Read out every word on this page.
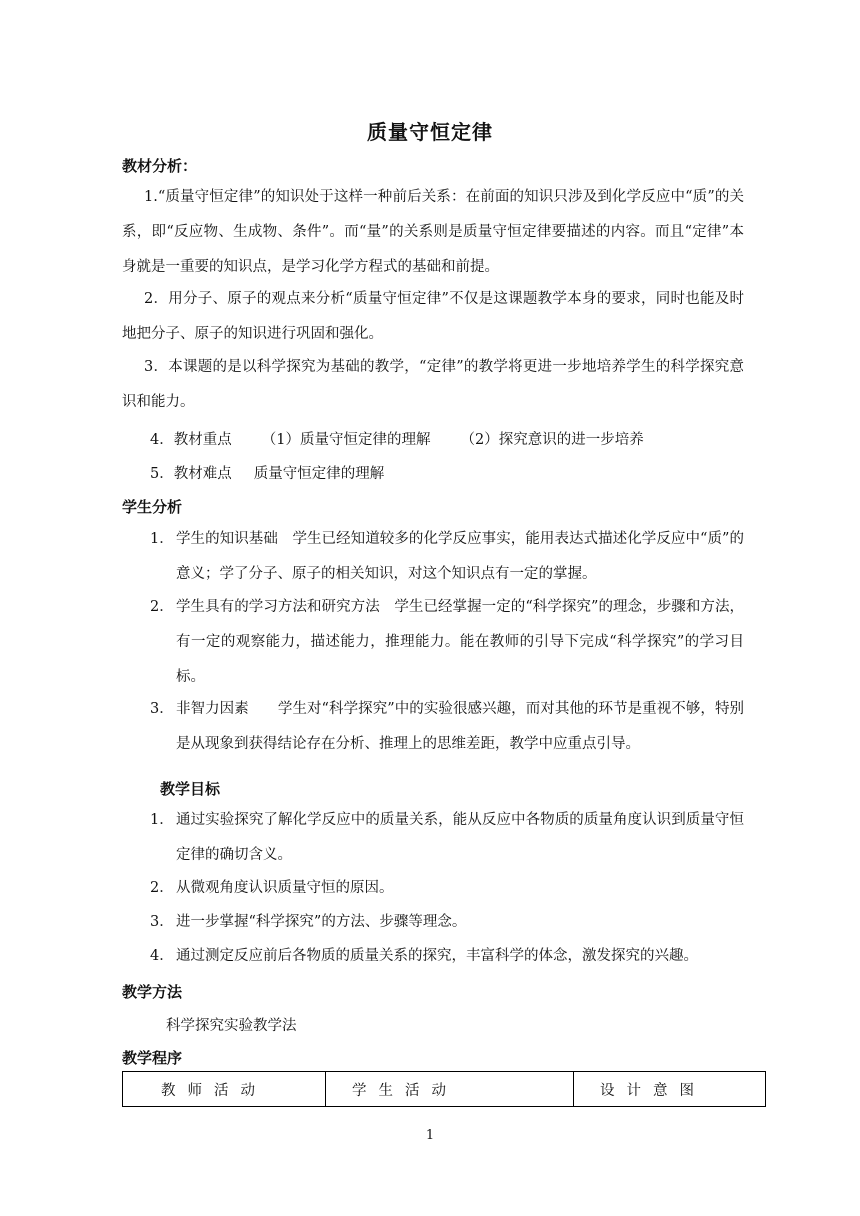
质量守恒定律
教材分析：
1.“质量守恒定律”的知识处于这样一种前后关系：在前面的知识只涉及到化学反应中“质”的关系，即“反应物、生成物、条件”。而“量”的关系则是质量守恒定律要描述的内容。而且“定律”本身就是一重要的知识点，是学习化学方程式的基础和前提。
2．用分子、原子的观点来分析“质量守恒定律”不仅是这课题教学本身的要求，同时也能及时地把分子、原子的知识进行巩固和强化。
3．本课题的是以科学探究为基础的教学，“定律”的教学将更进一步地培养学生的科学探究意识和能力。
4．教材重点 （1）质量守恒定律的理解 （2）探究意识的进一步培养
5．教材难点 质量守恒定律的理解
学生分析
1． 学生的知识基础　学生已经知道较多的化学反应事实，能用表达式描述化学反应中“质”的意义；学了分子、原子的相关知识，对这个知识点有一定的掌握。
2． 学生具有的学习方法和研究方法　学生已经掌握一定的“科学探究”的理念，步骤和方法，有一定的观察能力，描述能力，推理能力。能在教师的引导下完成“科学探究”的学习目标。
3． 非智力因素　　学生对“科学探究”中的实验很感兴趣，而对其他的环节是重视不够，特别是从现象到获得结论存在分析、推理上的思维差距，教学中应重点引导。
教学目标
1． 通过实验探究了解化学反应中的质量关系，能从反应中各物质的质量角度认识到质量守恒定律的确切含义。
2． 从微观角度认识质量守恒的原因。
3． 进一步掌握“科学探究”的方法、步骤等理念。
4． 通过测定反应前后各物质的质量关系的探究，丰富科学的体念，激发探究的兴趣。
教学方法
科学探究实验教学法
教学程序
教师活动	学生活动	设计意图
1
